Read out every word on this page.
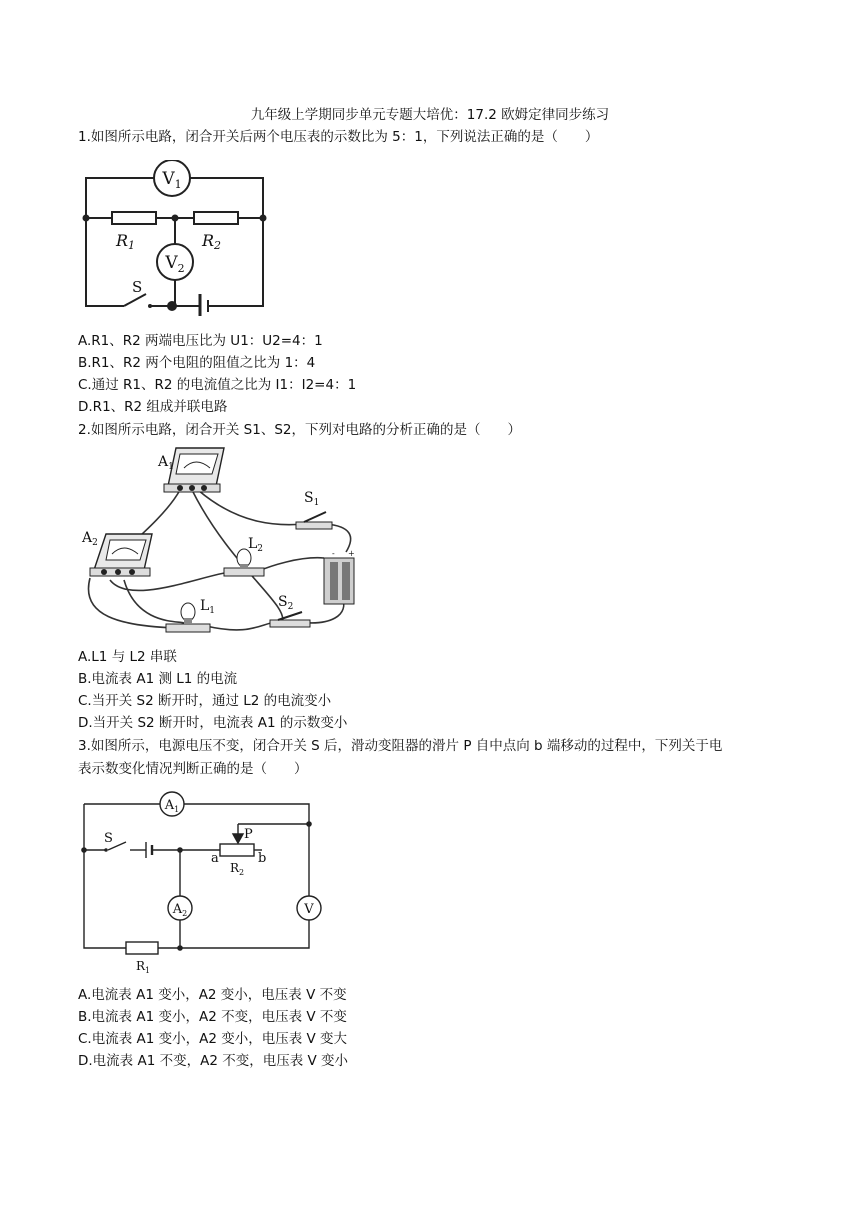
九年级上学期同步单元专题大培优：17.2 欧姆定律同步练习
1.如图所示电路，闭合开关后两个电压表的示数比为 5：1，下列说法正确的是（　　）
$V_1$
$V_2$
R1	R2
S
A.R1、R2 两端电压比为 U1：U2=4：1
B.R1、R2 两个电阻的阻值之比为 1：4
C.通过 R1、R2 的电流值之比为 I1：I2=4：1
D.R1、R2 组成并联电路
2.如图所示电路，闭合开关 S1、S2，下列对电路的分析正确的是（　　）
- +
$A_1$
$A_2$	$L_2$
$L_1$
$S_1$
$S_2$
A.L1 与 L2 串联
B.电流表 A1 测 L1 的电流
C.当开关 S2 断开时，通过 L2 的电流变小
D.当开关 S2 断开时，电流表 A1 的示数变小
3.如图所示，电源电压不变，闭合开关 S 后，滑动变阻器的滑片 P 自中点向 b 端移动的过程中，下列关于电
表示数变化情况判断正确的是（　　）
$A_1$
$A_2$	V
S	P
a	b
$R_2$
$R_1$
A.电流表 A1 变小，A2 变小，电压表 V 不变
B.电流表 A1 变小，A2 不变，电压表 V 不变
C.电流表 A1 变小，A2 变小，电压表 V 变大
D.电流表 A1 不变，A2 不变，电压表 V 变小
